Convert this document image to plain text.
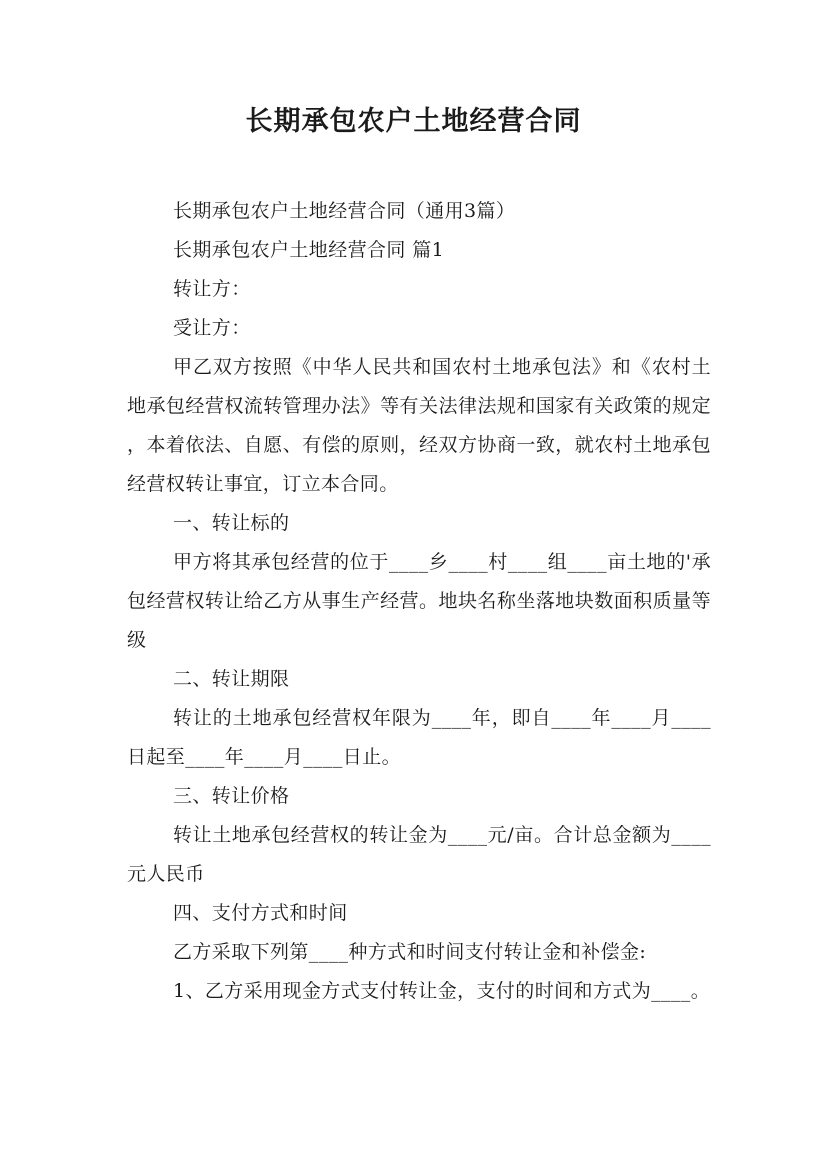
长期承包农户土地经营合同

长期承包农户土地经营合同（通用3篇）

长期承包农户土地经营合同 篇1

转让方：

受让方：

甲乙双方按照《中华人民共和国农村土地承包法》和《农村土地承包经营权流转管理办法》等有关法律法规和国家有关政策的规定，本着依法、自愿、有偿的原则，经双方协商一致，就农村土地承包经营权转让事宜，订立本合同。

一、转让标的

甲方将其承包经营的位于____乡____村____组____亩土地的'承包经营权转让给乙方从事生产经营。地块名称坐落地块数面积质量等级

二、转让期限

转让的土地承包经营权年限为____年，即自____年____月____日起至____年____月____日止。

三、转让价格

转让土地承包经营权的转让金为____元/亩。合计总金额为____元人民币

四、支付方式和时间

乙方采取下列第____种方式和时间支付转让金和补偿金:

1、乙方采用现金方式支付转让金，支付的时间和方式为____。
